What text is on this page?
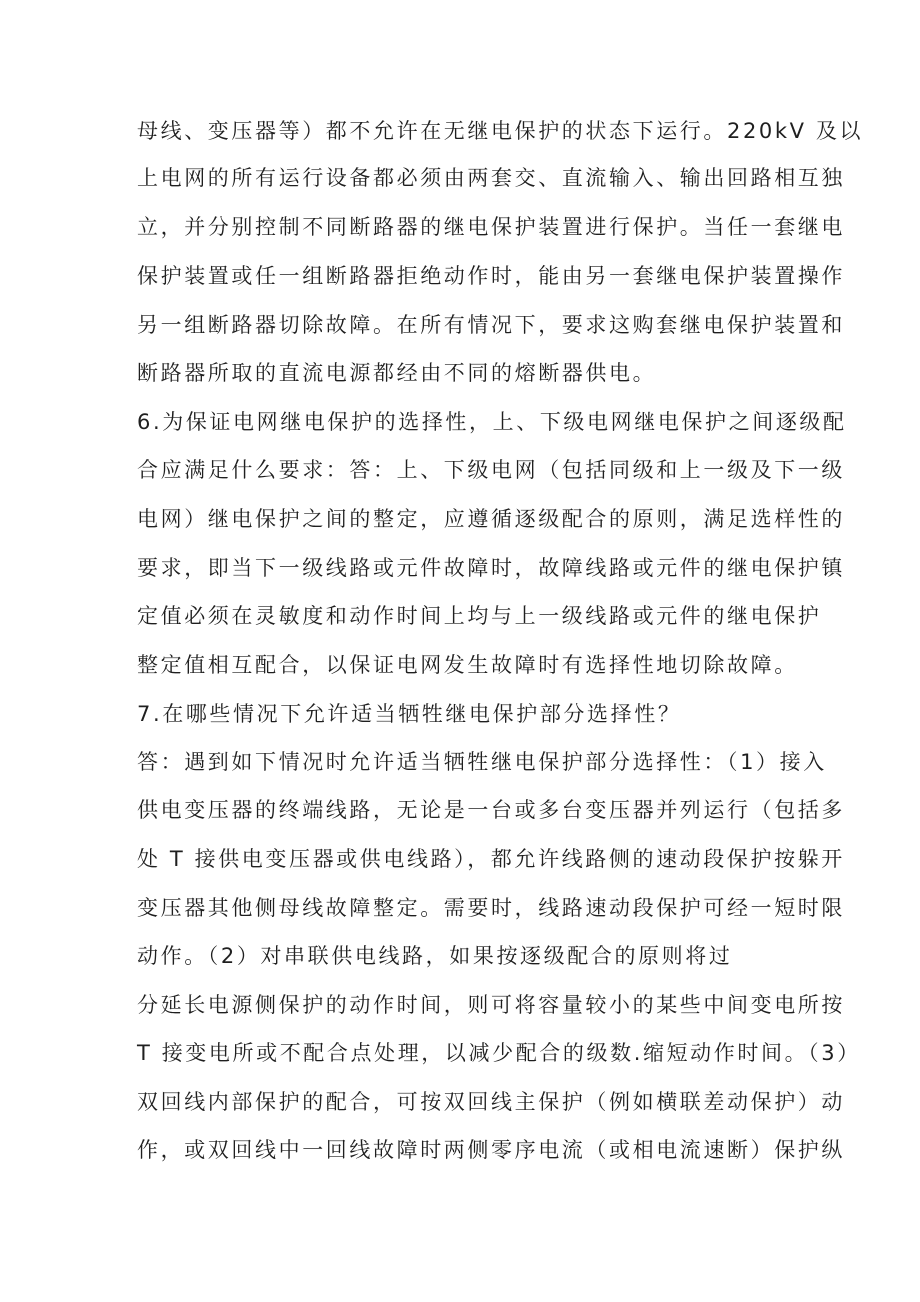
母线、变压器等）都不允许在无继电保护的状态下运行。220kV 及以
上电网的所有运行设备都必须由两套交、直流输入、输出回路相互独
立，并分别控制不同断路器的继电保护装置进行保护。当任一套继电
保护装置或任一组断路器拒绝动作时，能由另一套继电保护装置操作
另一组断路器切除故障。在所有情况下，要求这购套继电保护装置和
断路器所取的直流电源都经由不同的熔断器供电。
6.为保证电网继电保护的选择性，上、下级电网继电保护之间逐级配
合应满足什么要求：答：上、下级电网（包括同级和上一级及下一级
电网）继电保护之间的整定，应遵循逐级配合的原则，满足选样性的
要求，即当下一级线路或元件故障时，故障线路或元件的继电保护镇
定值必须在灵敏度和动作时间上均与上一级线路或元件的继电保护
整定值相互配合，以保证电网发生故障时有选择性地切除故障。
7.在哪些情况下允许适当牺牲继电保护部分选择性？
答：遇到如下情况时允许适当牺牲继电保护部分选择性：（1）接入
供电变压器的终端线路，无论是一台或多台变压器并列运行（包括多
处 T 接供电变压器或供电线路），都允许线路侧的速动段保护按躲开
变压器其他侧母线故障整定。需要时，线路速动段保护可经一短时限
动作。（2）对串联供电线路，如果按逐级配合的原则将过
分延长电源侧保护的动作时间，则可将容量较小的某些中间变电所按
T 接变电所或不配合点处理，以减少配合的级数.缩短动作时间。（3）
双回线内部保护的配合，可按双回线主保护（例如横联差动保护）动
作，或双回线中一回线故障时两侧零序电流（或相电流速断）保护纵
